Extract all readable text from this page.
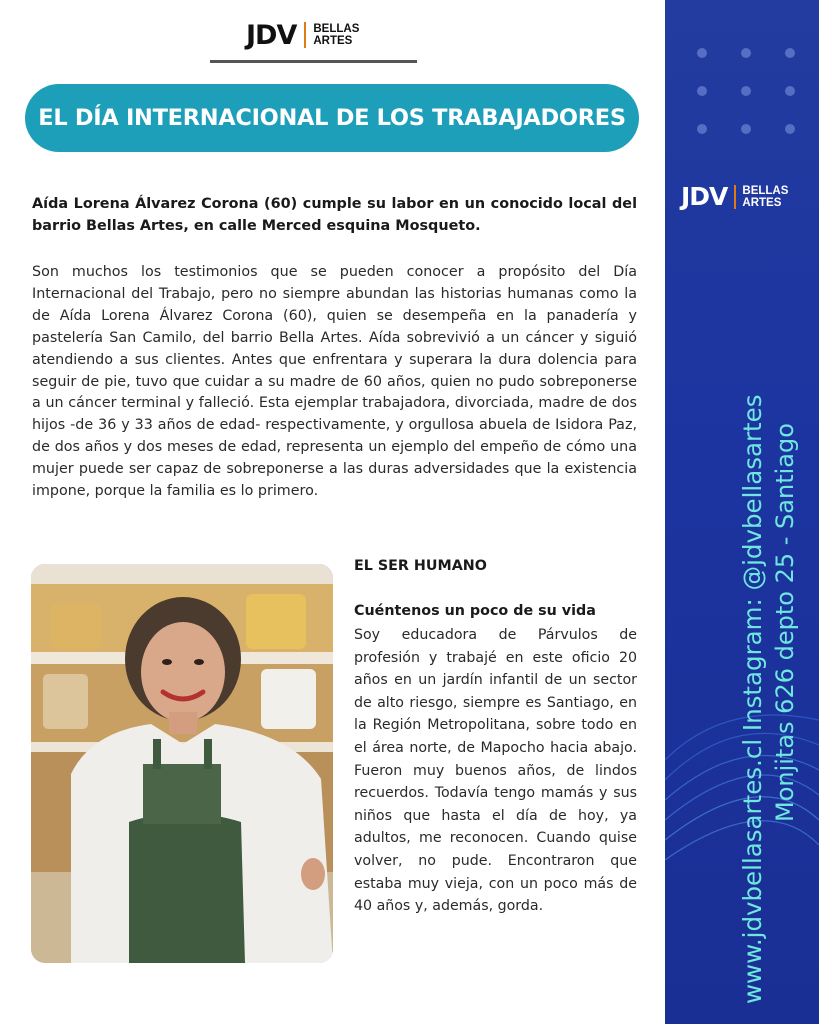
JDV BELLAS
ARTES
EL DÍA INTERNACIONAL DE LOS TRABAJADORES

Aída Lorena Álvarez Corona (60) cumple su labor en un conocido local del barrio Bellas Artes, en calle Merced esquina Mosqueto.

Son muchos los testimonios que se pueden conocer a propósito del Día Internacional del Trabajo, pero no siempre abundan las historias humanas como la de Aída Lorena Álvarez Corona (60), quien se desempeña en la panadería y pastelería San Camilo, del barrio Bella Artes. Aída sobrevivió a un cáncer y siguió atendiendo a sus clientes. Antes que enfrentara y superara la dura dolencia para seguir de pie, tuvo que cuidar a su madre de 60 años, quien no pudo sobreponerse a un cáncer terminal y falleció. Esta ejemplar trabajadora, divorciada, madre de dos hijos -de 36 y 33 años de edad- respectivamente, y orgullosa abuela de Isidora Paz, de dos años y dos meses de edad, representa un ejemplo del empeño de cómo una mujer puede ser capaz de sobreponerse a las duras adversidades que la existencia impone, porque la familia es lo primero.

EL SER HUMANO
Cuéntenos un poco de su vida

Soy educadora de Párvulos de profesión y trabajé en este oficio 20 años en un jardín infantil de un sector de alto riesgo, siempre es Santiago, en la Región Metropolitana, sobre todo en el área norte, de Mapocho hacia abajo. Fueron muy buenos años, de lindos recuerdos. Todavía tengo mamás y sus niños que hasta el día de hoy, ya adultos, me reconocen. Cuando quise volver, no pude. Encontraron que estaba muy vieja, con un poco más de 40 años y, además, gorda.

JDV BELLAS
ARTES
www.jdvbellasartes.cl Instagram: @jdvbellasartes Monjitas 626 depto 25 - Santiago
